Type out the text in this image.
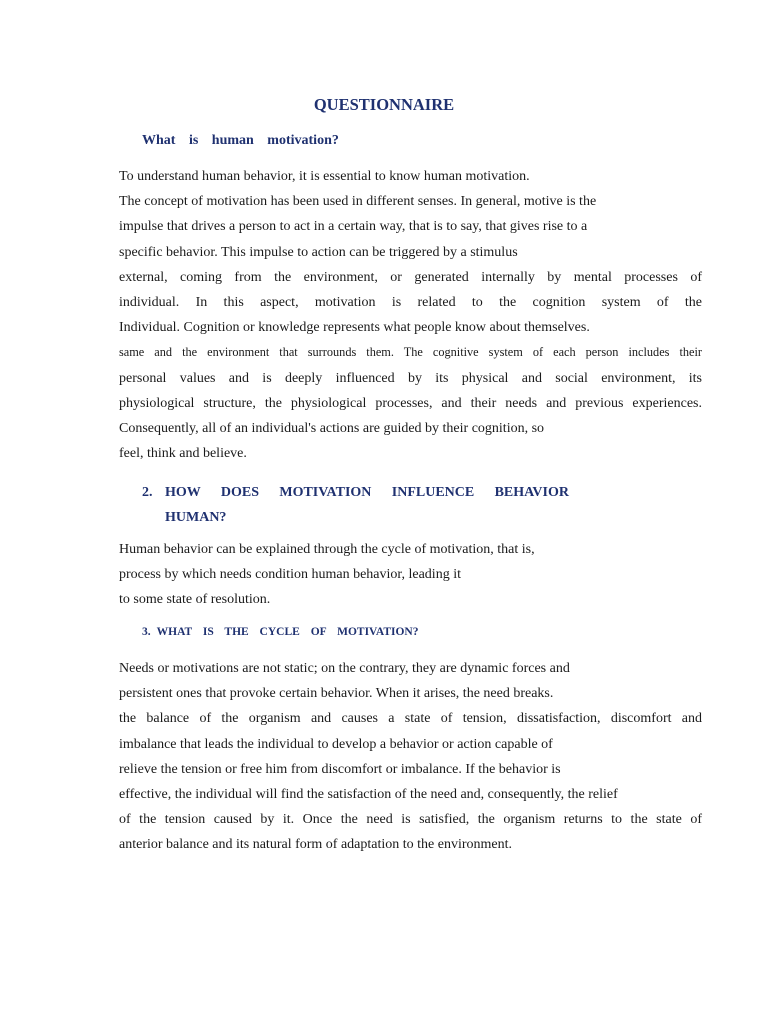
QUESTIONNAIRE
What is human motivation?
To understand human behavior, it is essential to know human motivation.
The concept of motivation has been used in different senses. In general, motive is the
impulse that drives a person to act in a certain way, that is to say, that gives rise to a
specific behavior. This impulse to action can be triggered by a stimulus
external, coming from the environment, or generated internally by mental processes of
individual. In this aspect, motivation is related to the cognition system of the
Individual. Cognition or knowledge represents what people know about themselves.
same and the environment that surrounds them. The cognitive system of each person includes their
personal values and is deeply influenced by its physical and social environment, its
physiological structure, the physiological processes, and their needs and previous experiences.
Consequently, all of an individual's actions are guided by their cognition, so
feel, think and believe.
2. HOW DOES MOTIVATION INFLUENCE BEHAVIOR
HUMAN?
Human behavior can be explained through the cycle of motivation, that is,
process by which needs condition human behavior, leading it
to some state of resolution.
3. WHAT IS THE CYCLE OF MOTIVATION?
Needs or motivations are not static; on the contrary, they are dynamic forces and
persistent ones that provoke certain behavior. When it arises, the need breaks.
the balance of the organism and causes a state of tension, dissatisfaction, discomfort and
imbalance that leads the individual to develop a behavior or action capable of
relieve the tension or free him from discomfort or imbalance. If the behavior is
effective, the individual will find the satisfaction of the need and, consequently, the relief
of the tension caused by it. Once the need is satisfied, the organism returns to the state of
anterior balance and its natural form of adaptation to the environment.
